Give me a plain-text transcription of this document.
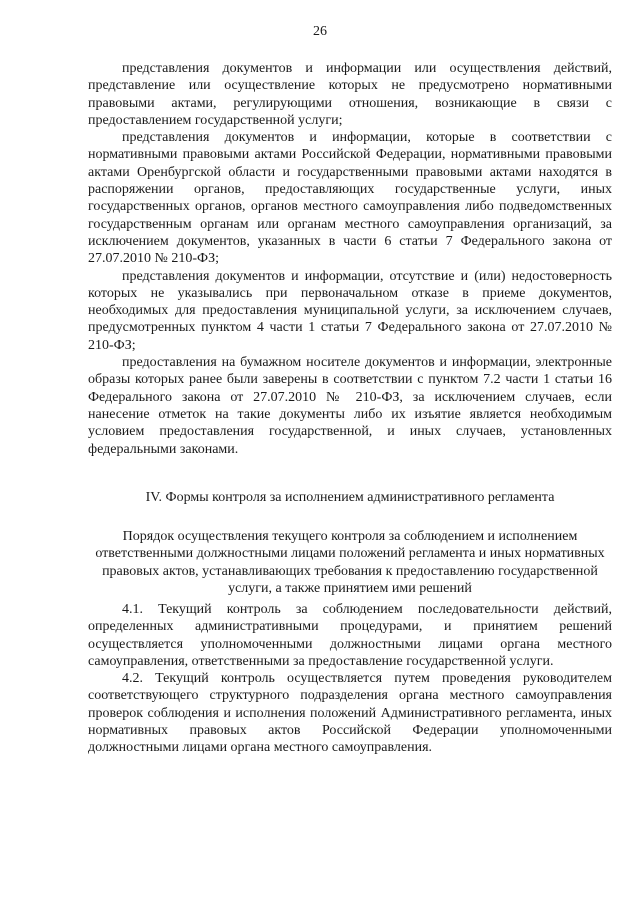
26

представления документов и информации или осуществления действий, представление или осуществление которых не предусмотрено нормативными правовыми актами, регулирующими отношения, возникающие в связи с предоставлением государственной услуги;

представления документов и информации, которые в соответствии с нормативными правовыми актами Российской Федерации, нормативными правовыми актами Оренбургской области и государственными правовыми актами находятся в распоряжении органов, предоставляющих государственные услуги, иных государственных органов, органов местного самоуправления либо подведомственных государственным органам или органам местного самоуправления организаций, за исключением документов, указанных в части 6 статьи 7 Федерального закона от 27.07.2010 № 210-ФЗ;

представления документов и информации, отсутствие и (или) недостоверность которых не указывались при первоначальном отказе в приеме документов, необходимых для предоставления муниципальной услуги, за исключением случаев, предусмотренных пунктом 4 части 1 статьи 7 Федерального закона от 27.07.2010 № 210-ФЗ;

предоставления на бумажном носителе документов и информации, электронные образы которых ранее были заверены в соответствии с пунктом 7.2 части 1 статьи 16 Федерального закона от 27.07.2010 № 210-ФЗ, за исключением случаев, если нанесение отметок на такие документы либо их изъятие является необходимым условием предоставления государственной, и иных случаев, установленных федеральными законами.

IV. Формы контроля за исполнением административного регламента
Порядок осуществления текущего контроля за соблюдением и исполнением ответственными должностными лицами положений регламента и иных нормативных правовых актов, устанавливающих требования к предоставлению государственной услуги, а также принятием ими решений

4.1. Текущий контроль за соблюдением последовательности действий, определенных административными процедурами, и принятием решений осуществляется уполномоченными должностными лицами органа местного самоуправления, ответственными за предоставление государственной услуги.

4.2. Текущий контроль осуществляется путем проведения руководителем соответствующего структурного подразделения органа местного самоуправления проверок соблюдения и исполнения положений Административного регламента, иных нормативных правовых актов Российской Федерации уполномоченными должностными лицами органа местного самоуправления.
